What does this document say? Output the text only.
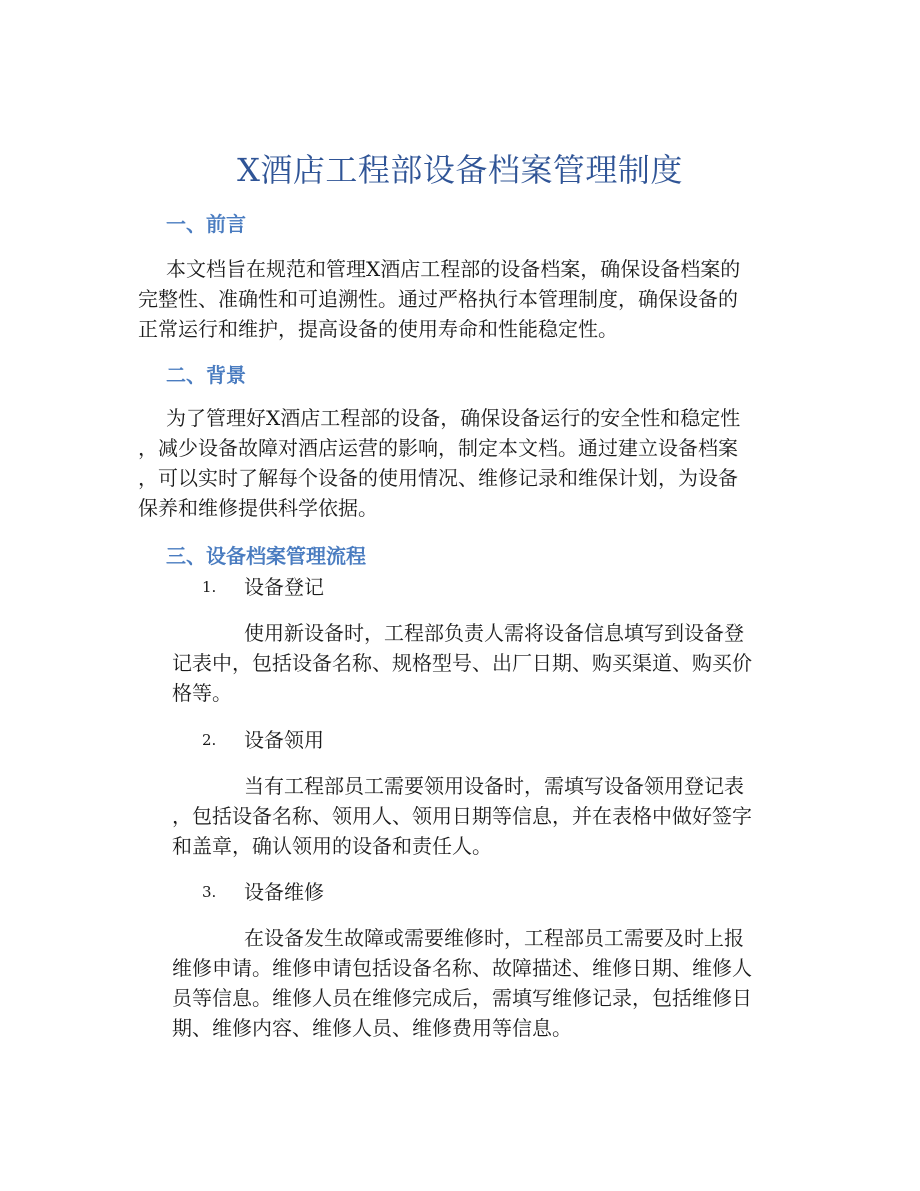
X酒店工程部设备档案管理制度
一、前言
本文档旨在规范和管理X酒店工程部的设备档案，确保设备档案的
完整性、准确性和可追溯性。通过严格执行本管理制度，确保设备的
正常运行和维护，提高设备的使用寿命和性能稳定性。
二、背景
为了管理好X酒店工程部的设备，确保设备运行的安全性和稳定性
，减少设备故障对酒店运营的影响，制定本文档。通过建立设备档案
，可以实时了解每个设备的使用情况、维修记录和维保计划，为设备
保养和维修提供科学依据。
三、设备档案管理流程
1. 设备登记
使用新设备时，工程部负责人需将设备信息填写到设备登
记表中，包括设备名称、规格型号、出厂日期、购买渠道、购买价
格等。
2. 设备领用
当有工程部员工需要领用设备时，需填写设备领用登记表
，包括设备名称、领用人、领用日期等信息，并在表格中做好签字
和盖章，确认领用的设备和责任人。
3. 设备维修
在设备发生故障或需要维修时，工程部员工需要及时上报
维修申请。维修申请包括设备名称、故障描述、维修日期、维修人
员等信息。维修人员在维修完成后，需填写维修记录，包括维修日
期、维修内容、维修人员、维修费用等信息。
